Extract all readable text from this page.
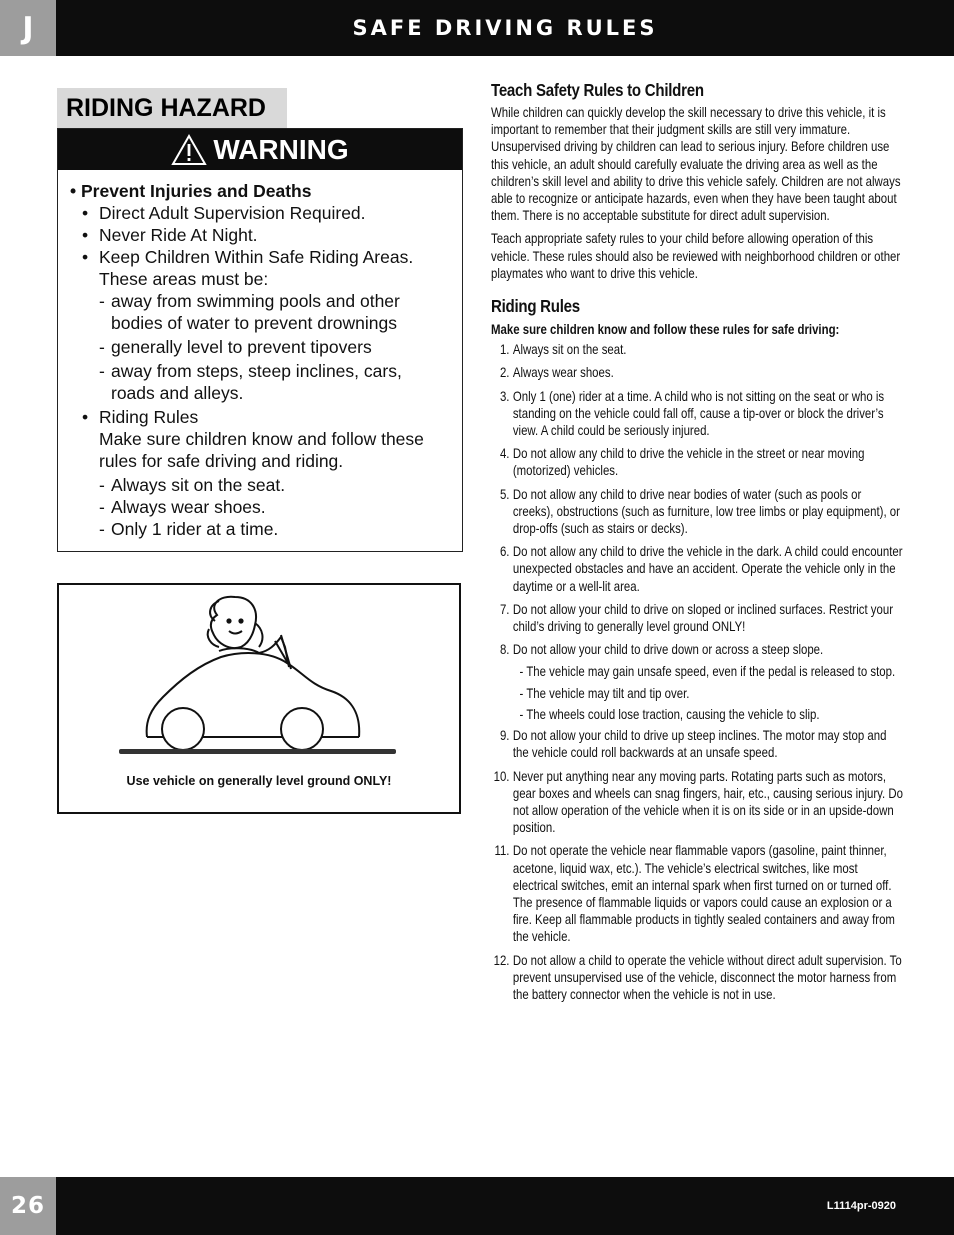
J	SAFE DRIVING RULES
RIDING HAZARD
WARNING
• Prevent Injuries and Deaths
• Direct Adult Supervision Required.
• Never Ride At Night.
• Keep Children Within Safe Riding Areas.
These areas must be:
- away from swimming pools and other bodies of water to prevent drownings
- generally level to prevent tipovers
- away from steps, steep inclines, cars, roads and alleys.
• Riding Rules
Make sure children know and follow these rules for safe driving and riding.
- Always sit on the seat.
- Always wear shoes.
- Only 1 rider at a time.
Use vehicle on generally level ground ONLY!
Teach Safety Rules to Children
While children can quickly develop the skill necessary to drive this vehicle, it is important to remember that their judgment skills are still very immature. Unsupervised driving by children can lead to serious injury. Before children use this vehicle, an adult should carefully evaluate the driving area as well as the children’s skill level and ability to drive this vehicle safely. Children are not always able to recognize or anticipate hazards, even when they have been taught about them. There is no acceptable substitute for direct adult supervision.
Teach appropriate safety rules to your child before allowing operation of this vehicle. These rules should also be reviewed with neighborhood children or other playmates who want to drive this vehicle.
Riding Rules
Make sure children know and follow these rules for safe driving:
1. Always sit on the seat.
2. Always wear shoes.
3. Only 1 (one) rider at a time. A child who is not sitting on the seat or who is standing on the vehicle could fall off, cause a tip-over or block the driver’s view. A child could be seriously injured.
4. Do not allow any child to drive the vehicle in the street or near moving (motorized) vehicles.
5. Do not allow any child to drive near bodies of water (such as pools or creeks), obstructions (such as furniture, low tree limbs or play equipment), or drop-offs (such as stairs or decks).
6. Do not allow any child to drive the vehicle in the dark. A child could encounter unexpected obstacles and have an accident. Operate the vehicle only in the daytime or a well-lit area.
7. Do not allow your child to drive on sloped or inclined surfaces. Restrict your child’s driving to generally level ground ONLY!
8. Do not allow your child to drive down or across a steep slope.
- The vehicle may gain unsafe speed, even if the pedal is released to stop.
- The vehicle may tilt and tip over.
- The wheels could lose traction, causing the vehicle to slip.
9. Do not allow your child to drive up steep inclines. The motor may stop and the vehicle could roll backwards at an unsafe speed.
10. Never put anything near any moving parts. Rotating parts such as motors, gear boxes and wheels can snag fingers, hair, etc., causing serious injury. Do not allow operation of the vehicle when it is on its side or in an upside-down position.
11. Do not operate the vehicle near flammable vapors (gasoline, paint thinner, acetone, liquid wax, etc.). The vehicle’s electrical switches, like most electrical switches, emit an internal spark when first turned on or turned off. The presence of flammable liquids or vapors could cause an explosion or a fire. Keep all flammable products in tightly sealed containers and away from the vehicle.
12. Do not allow a child to operate the vehicle without direct adult supervision. To prevent unsupervised use of the vehicle, disconnect the motor harness from the battery connector when the vehicle is not in use.
26	L1114pr-0920
